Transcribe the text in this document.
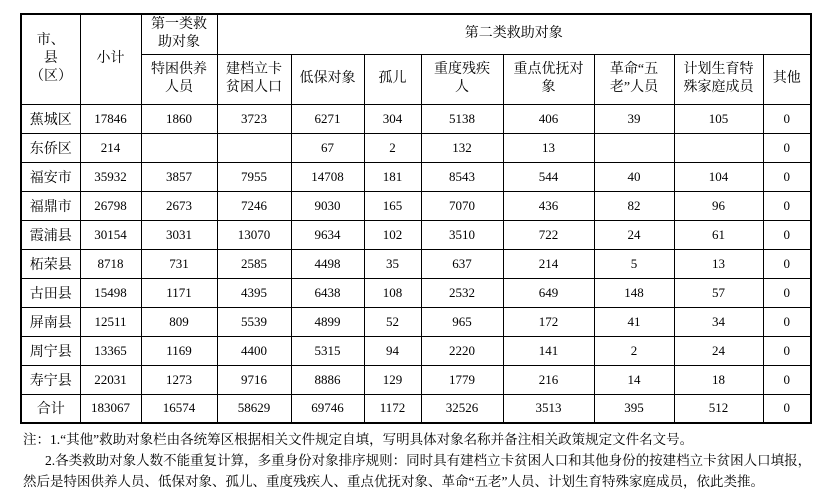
市、县（区）	小计	第一类救助对象	第二类救助对象							
		特困供养人员	建档立卡贫困人口	低保对象	孤儿	重度残疾人	重点优抚对象	革命“五老”人员	计划生育特殊家庭成员	其他
蕉城区	17846	1860	3723	6271	304	5138	406	39	105	0
东侨区	214			67	2	132	13			0
福安市	35932	3857	7955	14708	181	8543	544	40	104	0
福鼎市	26798	2673	7246	9030	165	7070	436	82	96	0
霞浦县	30154	3031	13070	9634	102	3510	722	24	61	0
柘荣县	8718	731	2585	4498	35	637	214	5	13	0
古田县	15498	1171	4395	6438	108	2532	649	148	57	0
屏南县	12511	809	5539	4899	52	965	172	41	34	0
周宁县	13365	1169	4400	5315	94	2220	141	2	24	0
寿宁县	22031	1273	9716	8886	129	1779	216	14	18	0
合计	183067	16574	58629	69746	1172	32526	3513	395	512	0
注：1.“其他”救助对象栏由各统筹区根据相关文件规定自填，写明具体对象名称并备注相关政策规定文件名文号。
2.各类救助对象人数不能重复计算，多重身份对象排序规则：同时具有建档立卡贫困人口和其他身份的按建档立卡贫困人口填报，然后是特困供养人员、低保对象、孤儿、重度残疾人、重点优抚对象、革命“五老”人员、计划生育特殊家庭成员，依此类推。
